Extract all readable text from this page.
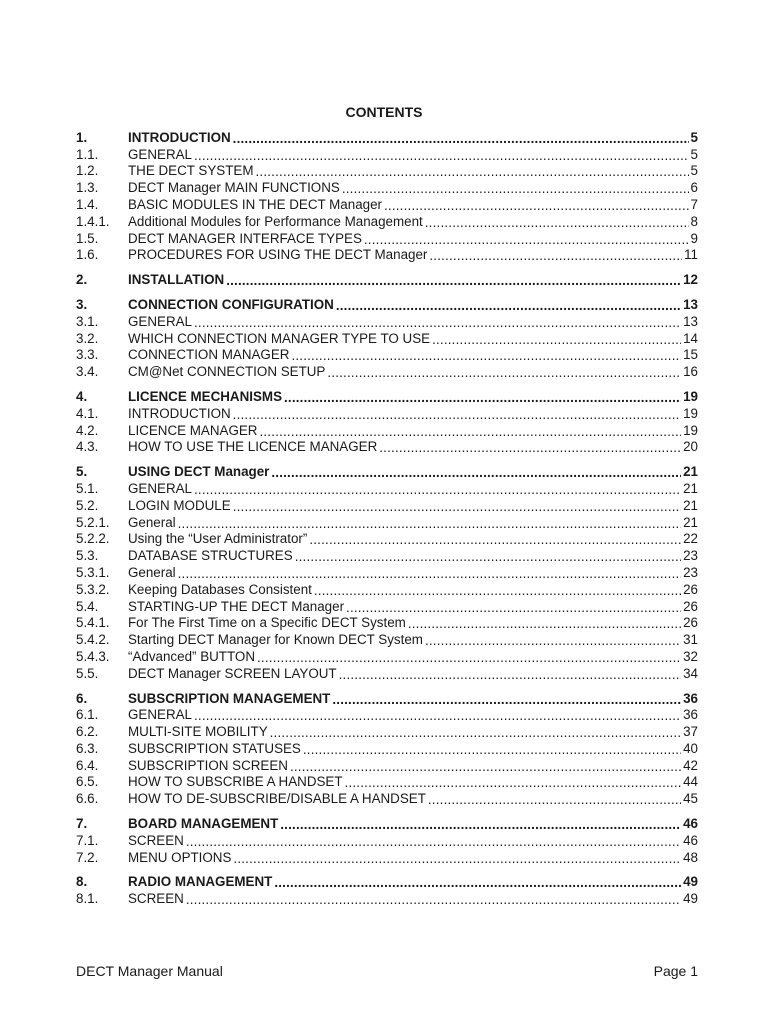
CONTENTS
1.	INTRODUCTION .....	5
1.1.	GENERAL .....	5
1.2.	THE DECT SYSTEM .....	5
1.3.	DECT Manager MAIN FUNCTIONS .....	6
1.4.	BASIC MODULES IN THE DECT Manager .....	7
1.4.1.	Additional Modules for Performance Management .....	8
1.5.	DECT MANAGER INTERFACE TYPES .....	9
1.6.	PROCEDURES FOR USING THE DECT Manager .....	11
2.	INSTALLATION .....	12
3.	CONNECTION CONFIGURATION .....	13
3.1.	GENERAL .....	13
3.2.	WHICH CONNECTION MANAGER TYPE TO USE .....	14
3.3.	CONNECTION MANAGER .....	15
3.4.	CM@Net CONNECTION SETUP .....	16
4.	LICENCE MECHANISMS .....	19
4.1.	INTRODUCTION .....	19
4.2.	LICENCE MANAGER .....	19
4.3.	HOW TO USE THE LICENCE MANAGER .....	20
5.	USING DECT Manager .....	21
5.1.	GENERAL .....	21
5.2.	LOGIN MODULE .....	21
5.2.1.	General .....	21
5.2.2.	Using the “User Administrator” .....	22
5.3.	DATABASE STRUCTURES .....	23
5.3.1.	General .....	23
5.3.2.	Keeping Databases Consistent .....	26
5.4.	STARTING-UP THE DECT Manager .....	26
5.4.1.	For The First Time on a Specific DECT System .....	26
5.4.2.	Starting DECT Manager for Known DECT System .....	31
5.4.3.	“Advanced” BUTTON .....	32
5.5.	DECT Manager SCREEN LAYOUT .....	34
6.	SUBSCRIPTION MANAGEMENT .....	36
6.1.	GENERAL .....	36
6.2.	MULTI-SITE MOBILITY .....	37
6.3.	SUBSCRIPTION STATUSES .....	40
6.4.	SUBSCRIPTION SCREEN .....	42
6.5.	HOW TO SUBSCRIBE A HANDSET .....	44
6.6.	HOW TO DE-SUBSCRIBE/DISABLE A HANDSET .....	45
7.	BOARD MANAGEMENT .....	46
7.1.	SCREEN .....	46
7.2.	MENU OPTIONS .....	48
8.	RADIO MANAGEMENT .....	49
8.1.	SCREEN .....	49
DECT Manager Manual	Page 1
